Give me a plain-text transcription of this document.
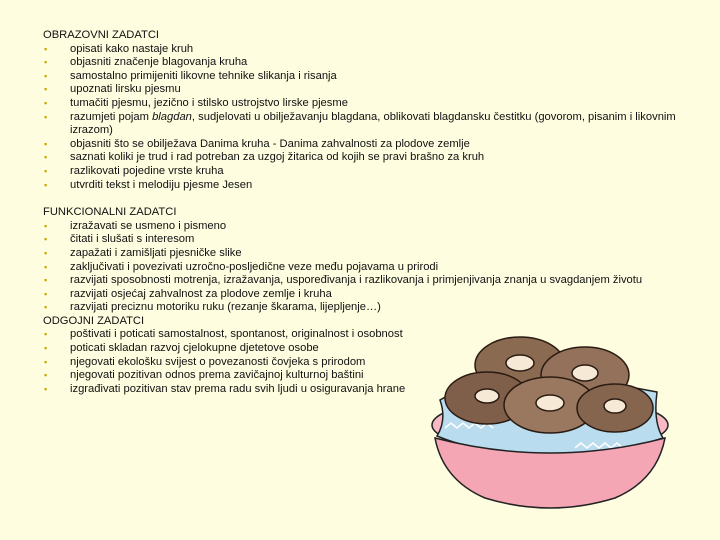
OBRAZOVNI ZADATCI
▪ opisati kako nastaje kruh
▪ objasniti značenje blagovanja kruha
▪ samostalno primijeniti likovne tehnike slikanja i risanja
▪ upoznati lirsku pjesmu
▪ tumačiti pjesmu, jezično i stilsko ustrojstvo lirske pjesme
▪ razumjeti pojam blagdan, sudjelovati u obilježavanju blagdana, oblikovati blagdansku čestitku (govorom, pisanim i likovnim izrazom)
▪ objasniti što se obilježava Danima kruha - Danima zahvalnosti za plodove zemlje
▪ saznati koliki je trud i rad potreban za uzgoj žitarica od kojih se pravi brašno za kruh
▪ razlikovati pojedine vrste kruha
▪ utvrditi tekst i melodiju pjesme Jesen
FUNKCIONALNI ZADATCI
▪ izražavati se usmeno i pismeno
▪ čitati i slušati s interesom
▪ zapažati i zamišljati pjesničke slike
▪ zaključivati i povezivati uzročno-posljedične veze među pojavama u prirodi
▪ razvijati sposobnosti motrenja, izražavanja, uspoređivanja i razlikovanja i primjenjivanja znanja u svagdanjem životu
▪ razvijati osjećaj zahvalnost za plodove zemlje i kruha
▪ razvijati preciznu motoriku ruku (rezanje škarama, lijepljenje…)
ODGOJNI ZADATCI
▪ poštivati i poticati samostalnost, spontanost, originalnost i osobnost
▪ poticati skladan razvoj cjelokupne djetetove osobe
▪ njegovati ekološku svijest o povezanosti čovjeka s prirodom
▪ njegovati pozitivan odnos prema zavičajnoj kulturnoj baštini
▪ izgrađivati pozitivan stav prema radu svih ljudi u osiguravanja hrane
